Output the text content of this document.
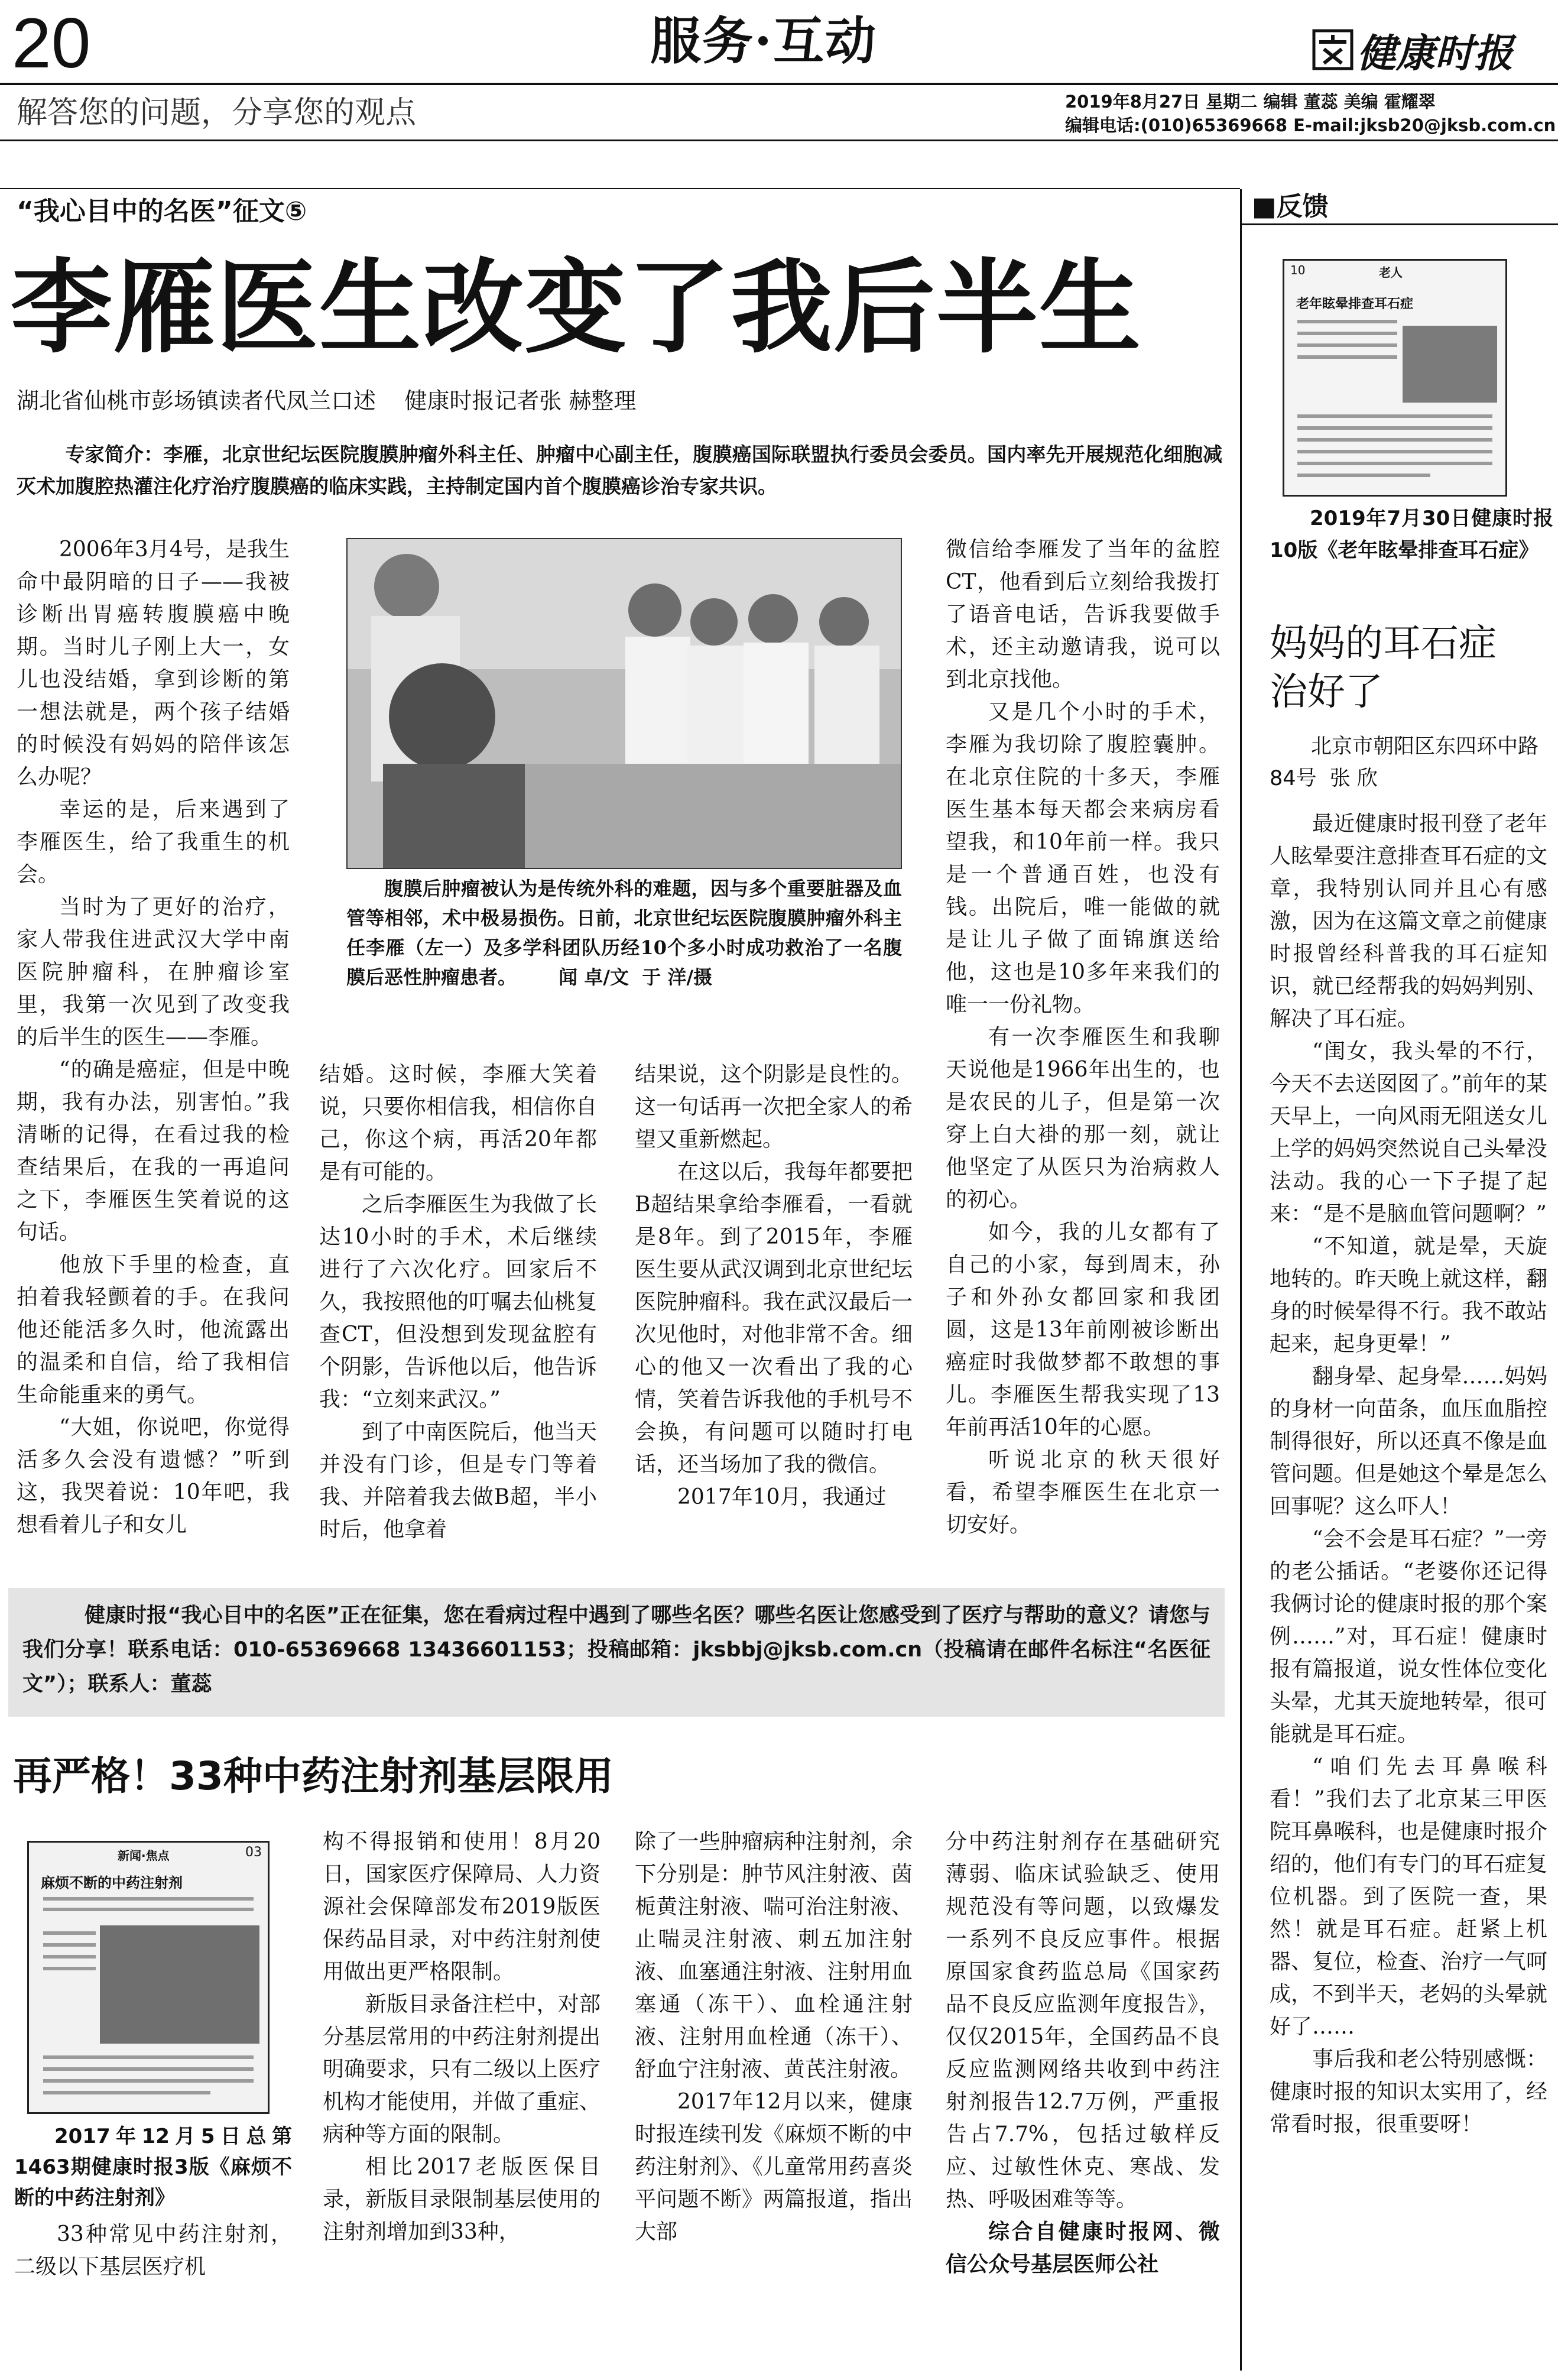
20	服务·互动	健康时报
解答您的问题，分享您的观点	2019年8月27日 星期二 编辑 董蕊 美编 霍耀翠
编辑电话:(010)65369668 E-mail:jksb20@jksb.com.cn
“我心目中的名医”征文⑤
李雁医生改变了我后半生
湖北省仙桃市彭场镇读者代凤兰口述    健康时报记者张 赫整理
专家简介：李雁，北京世纪坛医院腹膜肿瘤外科主任、肿瘤中心副主任，腹膜癌国际联盟执行委员会委员。国内率先开展规范化细胞减灭术加腹腔热灌注化疗治疗腹膜癌的临床实践，主持制定国内首个腹膜癌诊治专家共识。
腹膜后肿瘤被认为是传统外科的难题，因与多个重要脏器及血管等相邻，术中极易损伤。日前，北京世纪坛医院腹膜肿瘤外科主任李雁（左一）及多学科团队历经10个多小时成功救治了一名腹膜后恶性肿瘤患者。 闻 卓/文  于 洋/摄

2006年3月4号，是我生命中最阴暗的日子——我被诊断出胃癌转腹膜癌中晚期。当时儿子刚上大一，女儿也没结婚，拿到诊断的第一想法就是，两个孩子结婚的时候没有妈妈的陪伴该怎么办呢？

幸运的是，后来遇到了李雁医生，给了我重生的机会。

当时为了更好的治疗，家人带我住进武汉大学中南医院肿瘤科，在肿瘤诊室里，我第一次见到了改变我的后半生的医生——李雁。

“的确是癌症，但是中晚期，我有办法，别害怕。”我清晰的记得，在看过我的检查结果后，在我的一再追问之下，李雁医生笑着说的这句话。

他放下手里的检查，直拍着我轻颤着的手。在我问他还能活多久时，他流露出的温柔和自信，给了我相信生命能重来的勇气。

“大姐，你说吧，你觉得活多久会没有遗憾？”听到这，我哭着说：10年吧，我想看着儿子和女儿

结婚。这时候，李雁大笑着说，只要你相信我，相信你自己，你这个病，再活20年都是有可能的。

之后李雁医生为我做了长达10小时的手术，术后继续进行了六次化疗。回家后不久，我按照他的叮嘱去仙桃复查CT，但没想到发现盆腔有个阴影，告诉他以后，他告诉我：“立刻来武汉。”

到了中南医院后，他当天并没有门诊，但是专门等着我、并陪着我去做B超，半小时后，他拿着

结果说，这个阴影是良性的。这一句话再一次把全家人的希望又重新燃起。

在这以后，我每年都要把B超结果拿给李雁看，一看就是8年。到了2015年，李雁医生要从武汉调到北京世纪坛医院肿瘤科。我在武汉最后一次见他时，对他非常不舍。细心的他又一次看出了我的心情，笑着告诉我他的手机号不会换，有问题可以随时打电话，还当场加了我的微信。

2017年10月，我通过

微信给李雁发了当年的盆腔CT，他看到后立刻给我拨打了语音电话，告诉我要做手术，还主动邀请我，说可以到北京找他。

又是几个小时的手术，李雁为我切除了腹腔囊肿。在北京住院的十多天，李雁医生基本每天都会来病房看望我，和10年前一样。我只是一个普通百姓，也没有钱。出院后，唯一能做的就是让儿子做了面锦旗送给他，这也是10多年来我们的唯一一份礼物。

有一次李雁医生和我聊天说他是1966年出生的，也是农民的儿子，但是第一次穿上白大褂的那一刻，就让他坚定了从医只为治病救人的初心。

如今，我的儿女都有了自己的小家，每到周末，孙子和外孙女都回家和我团圆，这是13年前刚被诊断出癌症时我做梦都不敢想的事儿。李雁医生帮我实现了13年前再活10年的心愿。

听说北京的秋天很好看，希望李雁医生在北京一切安好。

健康时报“我心目中的名医”正在征集，您在看病过程中遇到了哪些名医？哪些名医让您感受到了医疗与帮助的意义？请您与我们分享！联系电话：010-65369668 13436601153；投稿邮箱：jksbbj@jksb.com.cn（投稿请在邮件名标注“名医征文”）；联系人：董蕊
再严格！33种中药注射剂基层限用
新闻·焦点	03
麻烦不断的中药注射剂
2017年12月5日总第1463期健康时报3版《麻烦不断的中药注射剂》

33种常见中药注射剂，二级以下基层医疗机

构不得报销和使用！8月20日，国家医疗保障局、人力资源社会保障部发布2019版医保药品目录，对中药注射剂使用做出更严格限制。

新版目录备注栏中，对部分基层常用的中药注射剂提出明确要求，只有二级以上医疗机构才能使用，并做了重症、病种等方面的限制。

相比2017老版医保目录，新版目录限制基层使用的注射剂增加到33种，

除了一些肿瘤病种注射剂，余下分别是：肿节风注射液、茵栀黄注射液、喘可治注射液、止喘灵注射液、刺五加注射液、血塞通注射液、注射用血塞通（冻干）、血栓通注射液、注射用血栓通（冻干）、舒血宁注射液、黄芪注射液。

2017年12月以来，健康时报连续刊发《麻烦不断的中药注射剂》、《儿童常用药喜炎平问题不断》两篇报道，指出大部

分中药注射剂存在基础研究薄弱、临床试验缺乏、使用规范没有等问题，以致爆发一系列不良反应事件。根据原国家食药监总局《国家药品不良反应监测年度报告》，仅仅2015年，全国药品不良反应监测网络共收到中药注射剂报告12.7万例，严重报告占7.7%，包括过敏样反应、过敏性休克、寒战、发热、呼吸困难等等。

综合自健康时报网、微信公众号基层医师公社

■反馈
10	老人
老年眩晕排查耳石症
2019年7月30日健康时报10版《老年眩晕排查耳石症》
妈妈的耳石症治好了
北京市朝阳区东四环中路84号  张 欣

最近健康时报刊登了老年人眩晕要注意排查耳石症的文章，我特别认同并且心有感激，因为在这篇文章之前健康时报曾经科普我的耳石症知识，就已经帮我的妈妈判别、解决了耳石症。

“闺女，我头晕的不行，今天不去送囡囡了。”前年的某天早上，一向风雨无阻送女儿上学的妈妈突然说自己头晕没法动。我的心一下子提了起来：“是不是脑血管问题啊？”

“不知道，就是晕，天旋地转的。昨天晚上就这样，翻身的时候晕得不行。我不敢站起来，起身更晕！”

翻身晕、起身晕……妈妈的身材一向苗条，血压血脂控制得很好，所以还真不像是血管问题。但是她这个晕是怎么回事呢？这么吓人！

“会不会是耳石症？”一旁的老公插话。“老婆你还记得我俩讨论的健康时报的那个案例……”对，耳石症！健康时报有篇报道，说女性体位变化头晕，尤其天旋地转晕，很可能就是耳石症。

“咱们先去耳鼻喉科看！”我们去了北京某三甲医院耳鼻喉科，也是健康时报介绍的，他们有专门的耳石症复位机器。到了医院一查，果然！就是耳石症。赶紧上机器、复位，检查、治疗一气呵成，不到半天，老妈的头晕就好了……

事后我和老公特别感慨：健康时报的知识太实用了，经常看时报，很重要呀！
